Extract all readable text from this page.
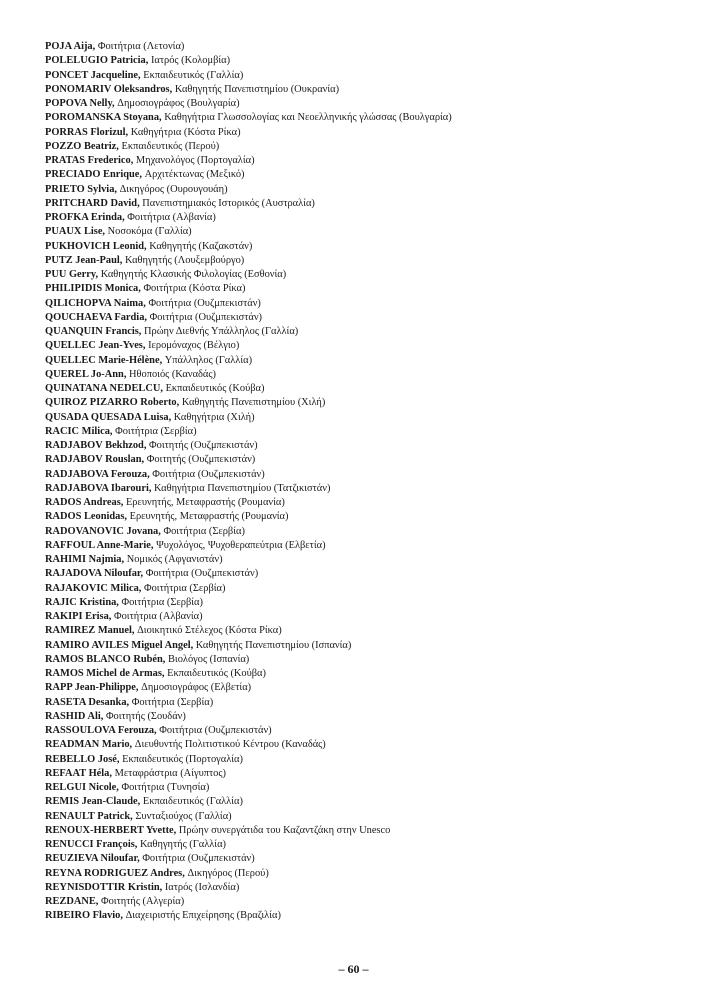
POJA Aija, Φοιτήτρια (Λετονία)
POLELUGIO Patricia, Ιατρός (Κολομβία)
PONCET Jacqueline, Εκπαιδευτικός (Γαλλία)
PONOMARIV Oleksandros, Καθηγητής Πανεπιστημίου (Ουκρανία)
POPOVA Nelly, Δημοσιογράφος (Βουλγαρία)
POROMANSKA Stoyana, Καθηγήτρια Γλωσσολογίας και Νεοελληνικής γλώσσας (Βουλγαρία)
PORRAS Florizul, Καθηγήτρια (Κόστα Ρίκα)
POZZO Beatriz, Εκπαιδευτικός (Περού)
PRATAS Frederico, Μηχανολόγος (Πορτογαλία)
PRECIADO Enrique, Αρχιτέκτωνας (Μεξικό)
PRIETO Sylvia, Δικηγόρος (Ουρουγουάη)
PRITCHARD David, Πανεπιστημιακός Ιστορικός (Αυστραλία)
PROFKA Erinda, Φοιτήτρια (Αλβανία)
PUAUX Lise, Νοσοκόμα (Γαλλία)
PUKHOVICH Leonid, Καθηγητής (Καζακστάν)
PUTZ Jean-Paul, Καθηγητής (Λουξεμβούργο)
PUU Gerry, Καθηγητής Κλασικής Φιλολογίας (Εσθονία)
PHILIPIDIS Monica, Φοιτήτρια (Κόστα Ρίκα)
QILICHOPVA Naima, Φοιτήτρια (Ουζμπεκιστάν)
QOUCHAEVA Fardia, Φοιτήτρια (Ουζμπεκιστάν)
QUANQUIN Francis, Πρώην Διεθνής Υπάλληλος (Γαλλία)
QUELLEC Jean-Yves, Ιερομόναχος (Βέλγιο)
QUELLEC Marie-Hélène, Υπάλληλος (Γαλλία)
QUEREL Jo-Ann, Ηθοποιός (Καναδάς)
QUINATANA NEDELCU, Εκπαιδευτικός (Κούβα)
QUIROZ PIZARRO Roberto, Καθηγητής Πανεπιστημίου (Χιλή)
QUSADA QUESADA Luisa, Καθηγήτρια (Χιλή)
RACIC Milica, Φοιτήτρια (Σερβία)
RADJABOV Bekhzod, Φοιτητής (Ουζμπεκιστάν)
RADJABOV Rouslan, Φοιτητής (Ουζμπεκιστάν)
RADJABOVA Ferouza, Φοιτήτρια (Ουζμπεκιστάν)
RADJABOVA Ibarouri, Καθηγήτρια Πανεπιστημίου (Τατζικιστάν)
RADOS Andreas, Ερευνητής, Μεταφραστής (Ρουμανία)
RADOS Leonidas, Ερευνητής, Μεταφραστής (Ρουμανία)
RADOVANOVIC Jovana, Φοιτήτρια (Σερβία)
RAFFOUL Anne-Marie, Ψυχολόγος, Ψυχοθεραπεύτρια (Ελβετία)
RAHIMI Najmia, Νομικός (Αφγανιστάν)
RAJADOVA Niloufar, Φοιτήτρια (Ουζμπεκιστάν)
RAJAKOVIC Milica, Φοιτήτρια (Σερβία)
RAJIC Kristina, Φοιτήτρια (Σερβία)
RAKIPI Erisa, Φοιτήτρια (Αλβανία)
RAMIREZ Manuel, Διοικητικό Στέλεχος (Κόστα Ρίκα)
RAMIRO AVILES Miguel Angel, Καθηγητής Πανεπιστημίου (Ισπανία)
RAMOS BLANCO Rubén, Βιολόγος (Ισπανία)
RAMOS Michel de Armas, Εκπαιδευτικός (Κούβα)
RAPP Jean-Philippe, Δημοσιογράφος (Ελβετία)
RASETA Desanka, Φοιτήτρια (Σερβία)
RASHID Ali, Φοιτητής (Σουδάν)
RASSOULOVA Ferouza, Φοιτήτρια (Ουζμπεκιστάν)
READMAN Mario, Διευθυντής Πολιτιστικού Κέντρου (Καναδάς)
REBELLO José, Εκπαιδευτικός (Πορτογαλία)
REFAAT Héla, Μεταφράστρια (Αίγυπτος)
RELGUI Nicole, Φοιτήτρια (Τυνησία)
REMIS Jean-Claude, Εκπαιδευτικός (Γαλλία)
RENAULT Patrick, Συνταξιούχος (Γαλλία)
RENOUX-HERBERT Yvette, Πρώην συνεργάτιδα του Καζαντζάκη στην Unesco
RENUCCI François, Καθηγητής (Γαλλία)
REUZIEVA Niloufar, Φοιτήτρια (Ουζμπεκιστάν)
REYNA RODRIGUEZ Andres, Δικηγόρος (Περού)
REYNISDOTTIR Kristin, Ιατρός (Ισλανδία)
REZDANE, Φοιτητής (Αλγερία)
RIBEIRO Flavio, Διαχειριστής Επιχείρησης (Βραζιλία)
– 60 –
